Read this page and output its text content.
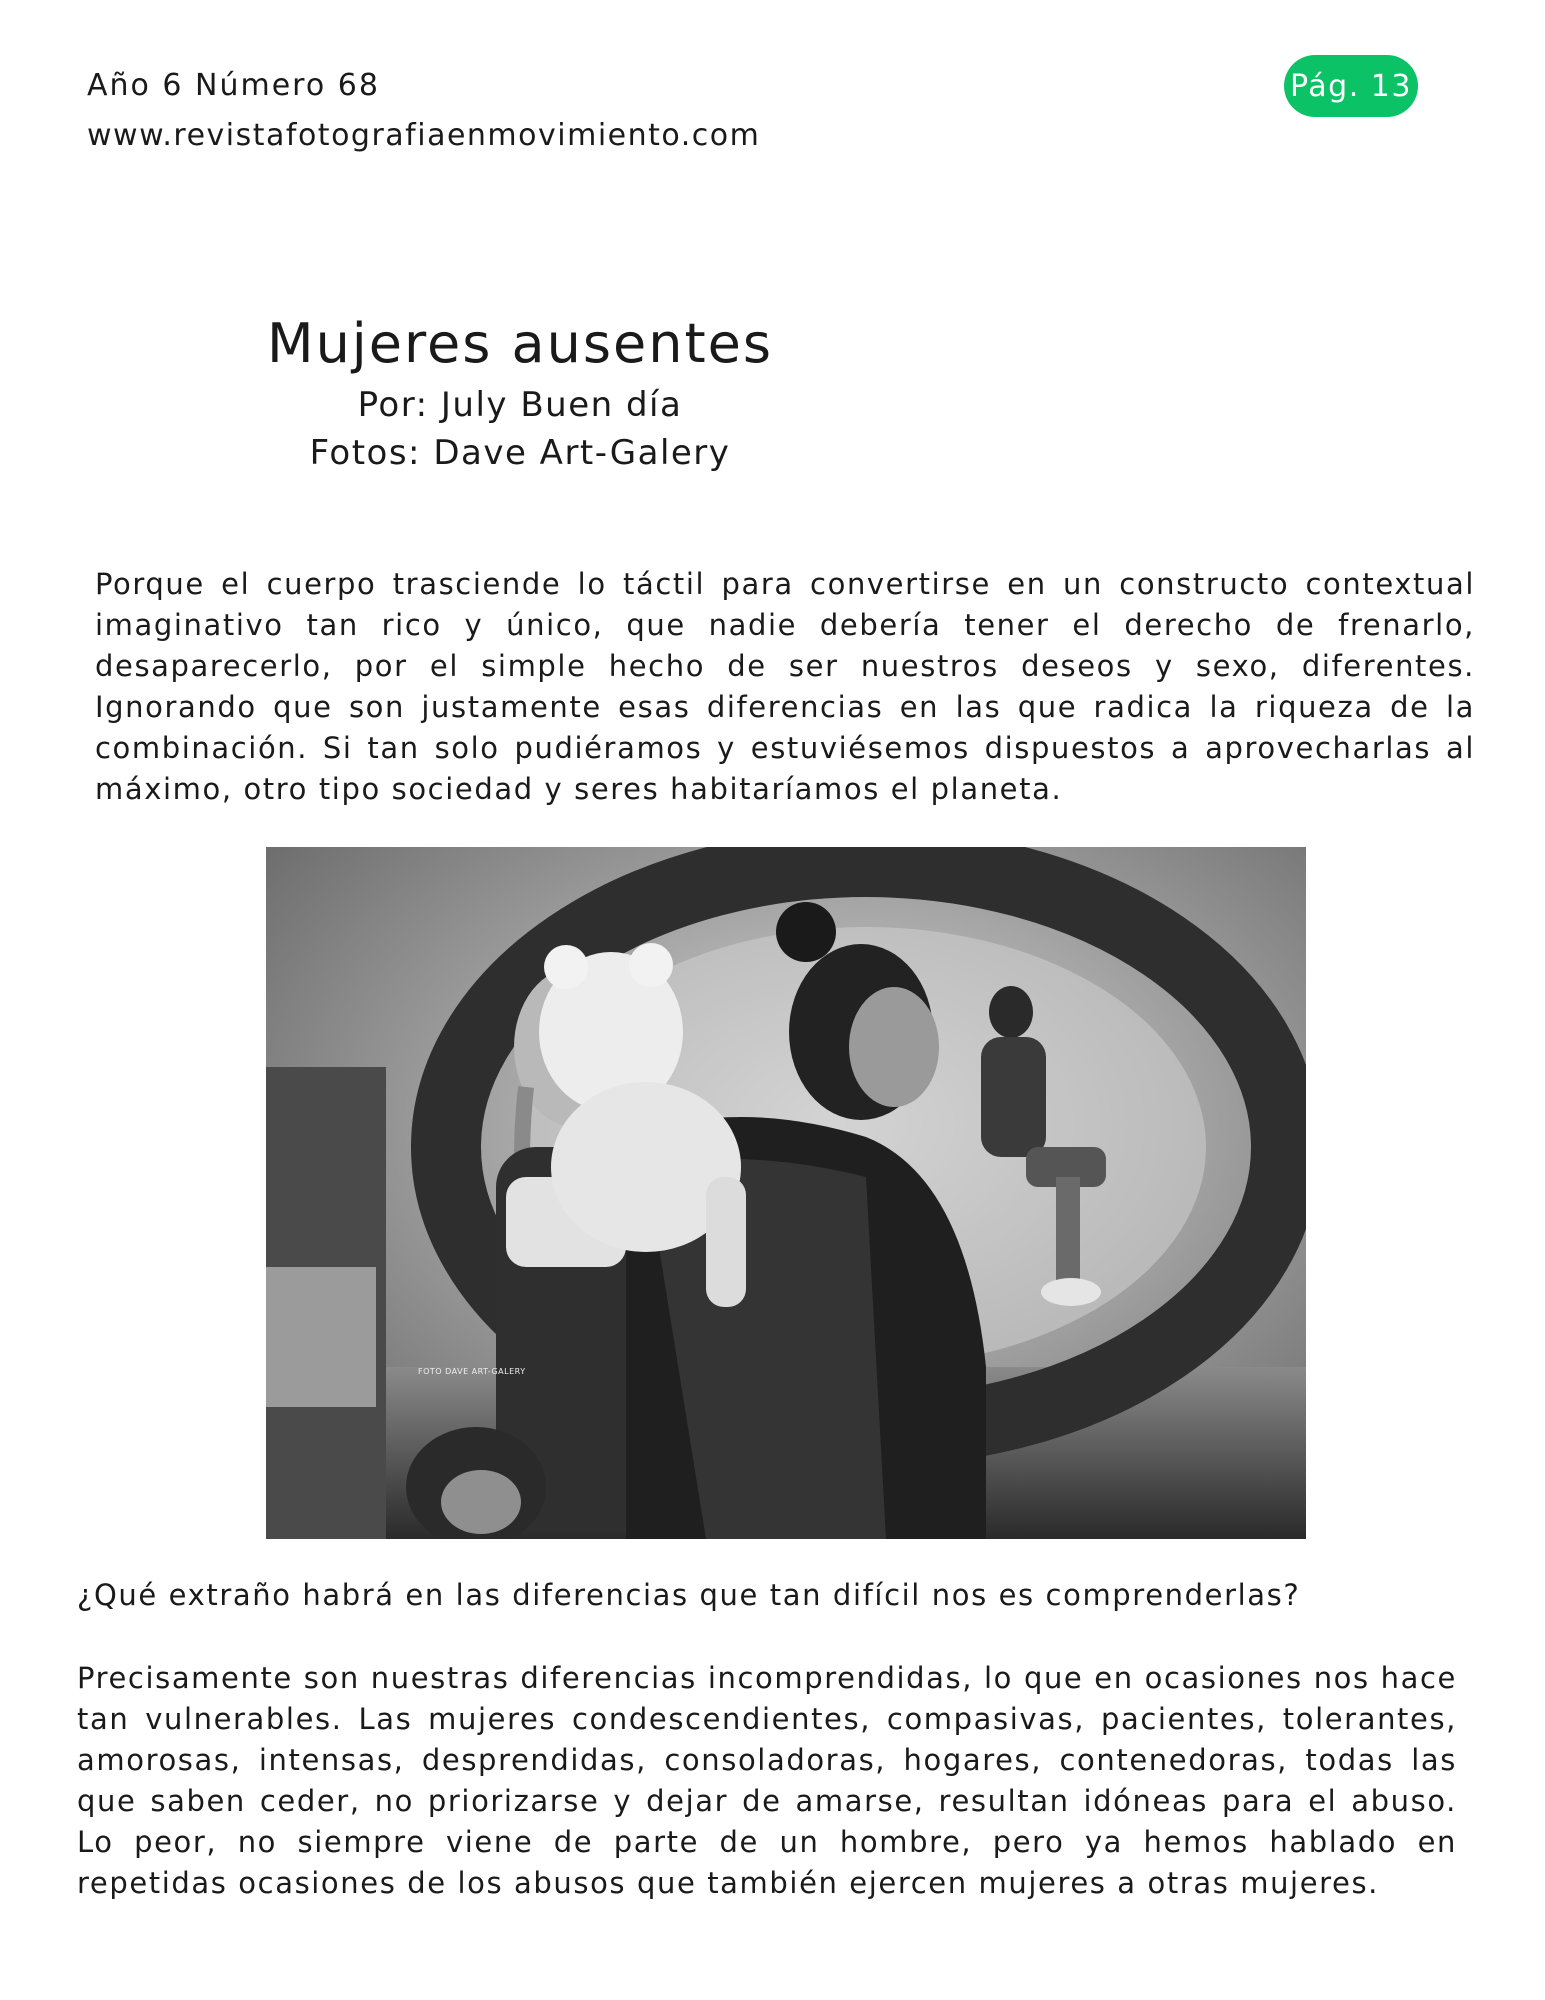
Año 6 Número 68
www.revistafotografiaenmovimiento.com
Pág. 13
Mujeres ausentes
Por: July Buen día
Fotos: Dave Art-Galery

Porque el cuerpo trasciende lo táctil para convertirse en un constructo contextual imaginativo tan rico y único, que nadie debería tener el derecho de frenarlo, desaparecerlo, por el simple hecho de ser nuestros deseos y sexo, diferentes. Ignorando que son justamente esas diferencias en las que radica la riqueza de la combinación. Si tan solo pudiéramos y estuviésemos dispuestos a aprovecharlas al máximo, otro tipo sociedad y seres habitaríamos el planeta.

FOTO DAVE ART-GALERY

¿Qué extraño habrá en las diferencias que tan difícil nos es comprenderlas?

Precisamente son nuestras diferencias incomprendidas, lo que en ocasiones nos hace tan vulnerables. Las mujeres condescendientes, compasivas, pacientes, tolerantes, amorosas, intensas, desprendidas, consoladoras, hogares, contenedoras, todas las que saben ceder, no priorizarse y dejar de amarse, resultan idóneas para el abuso. Lo peor, no siempre viene de parte de un hombre, pero ya hemos hablado en repetidas ocasiones de los abusos que también ejercen mujeres a otras mujeres.
